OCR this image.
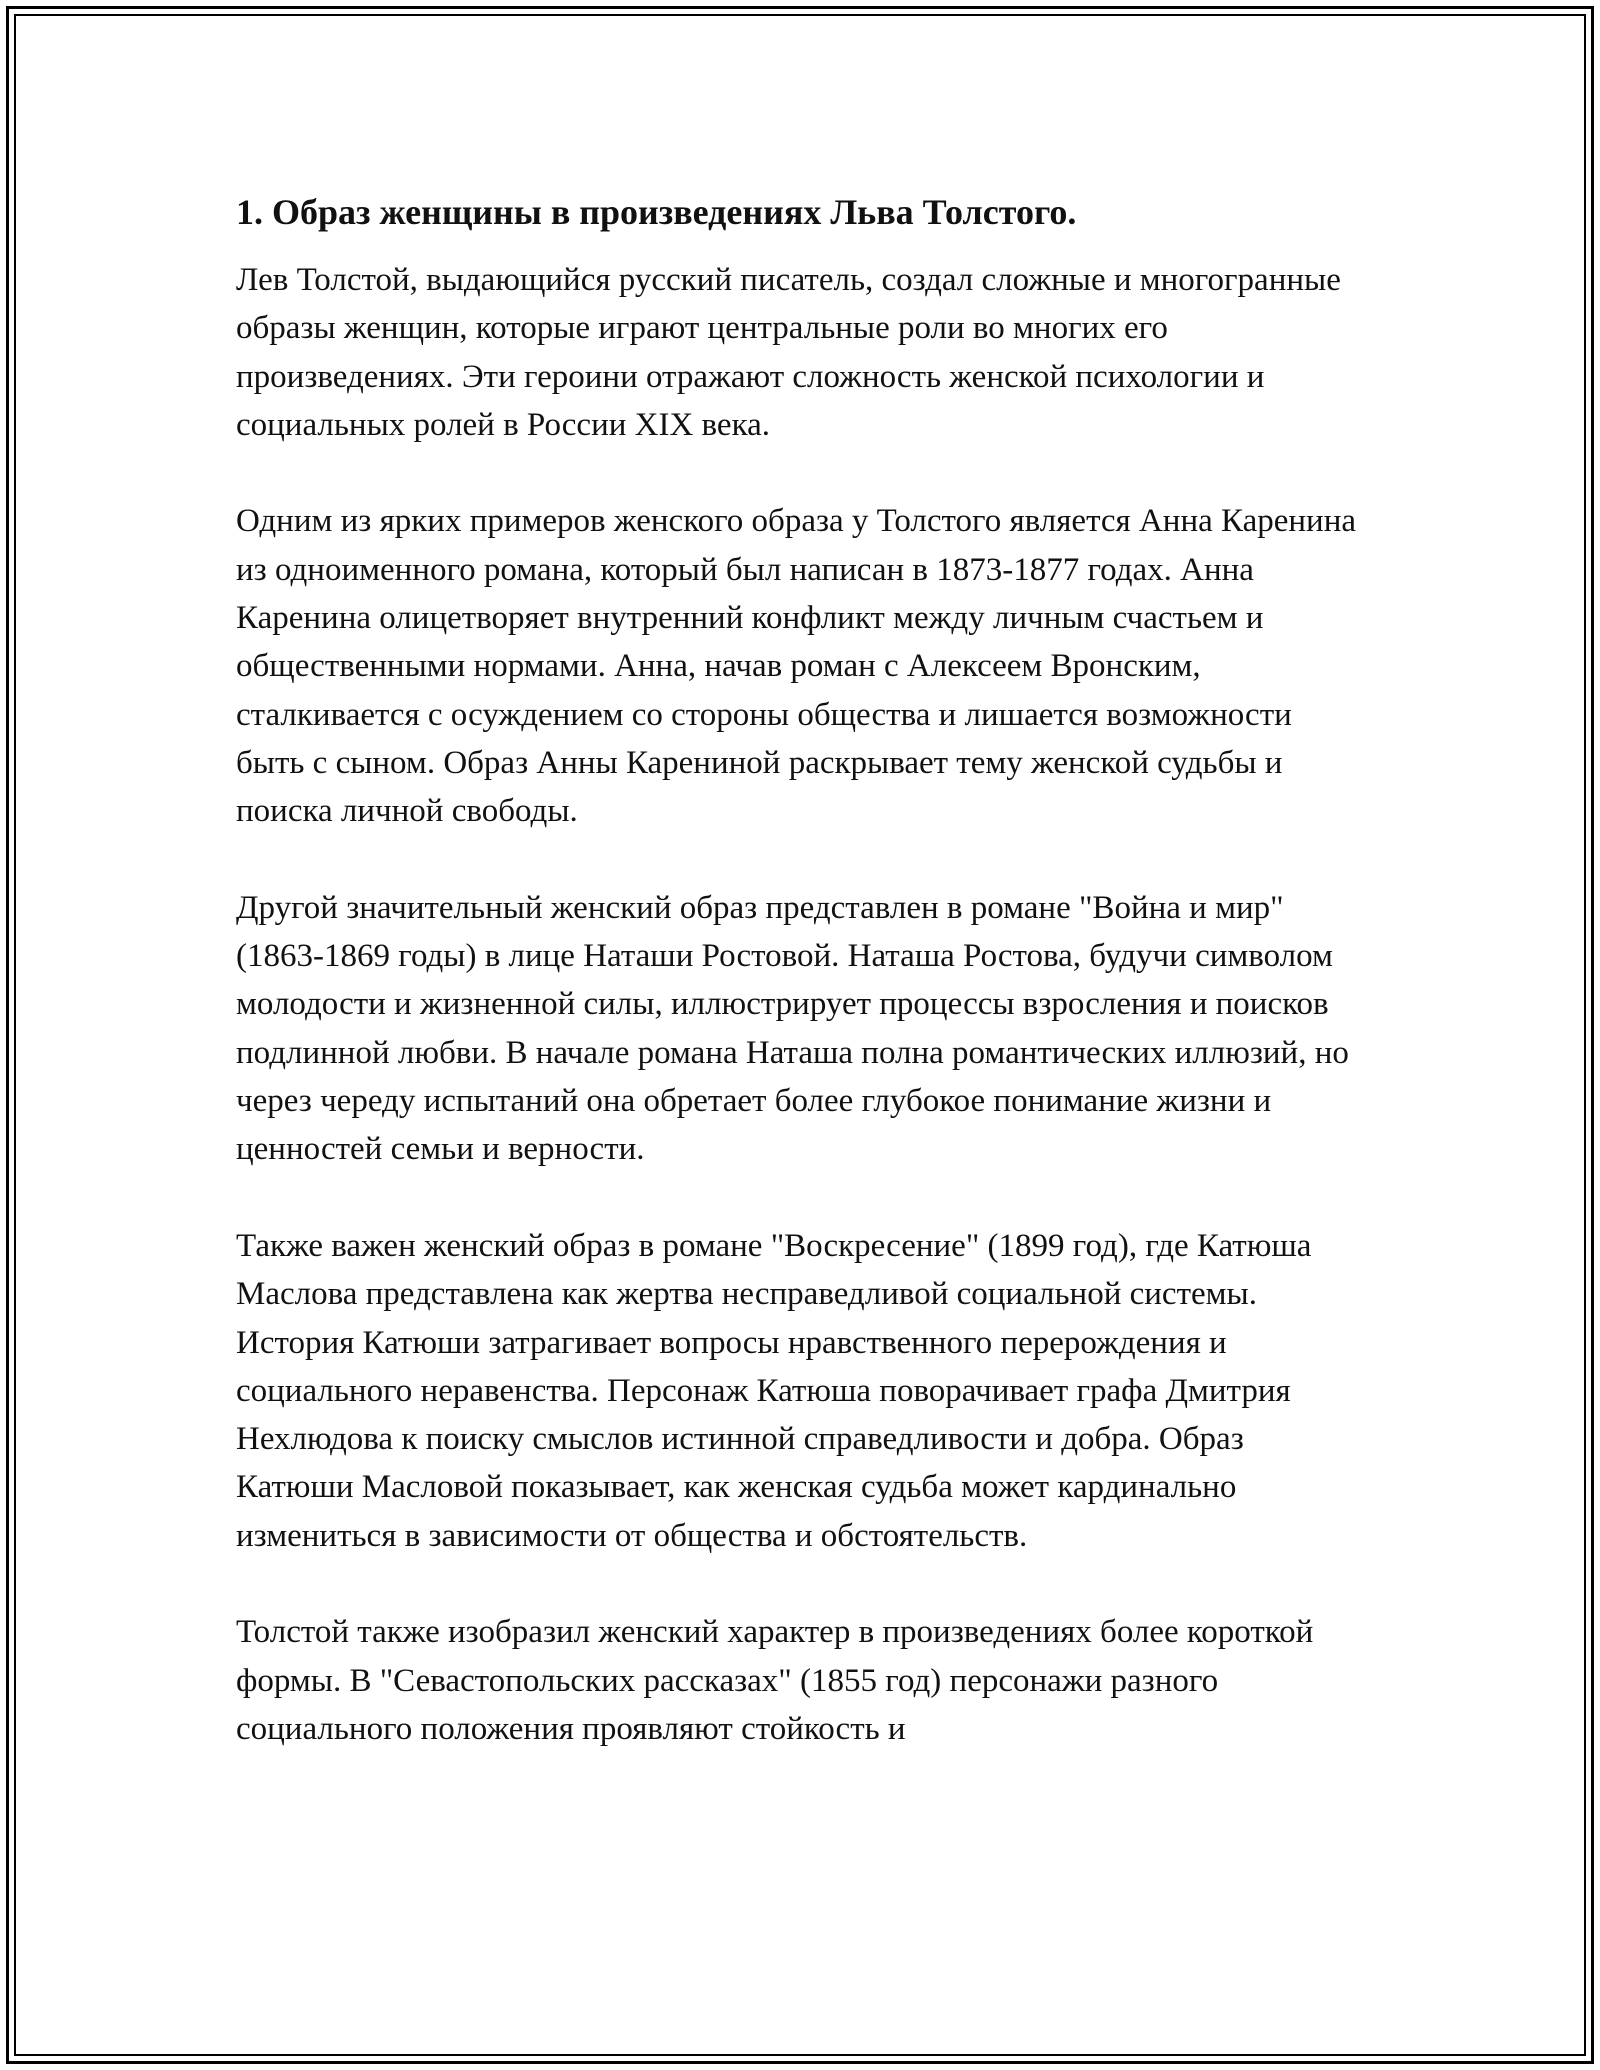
1. Образ женщины в произведениях Льва Толстого.

Лев Толстой, выдающийся русский писатель, создал сложные и многогранные образы женщин, которые играют центральные роли во многих его произведениях. Эти героини отражают сложность женской психологии и социальных ролей в России XIX века.

Одним из ярких примеров женского образа у Толстого является Анна Каренина из одноименного романа, который был написан в 1873-1877 годах. Анна Каренина олицетворяет внутренний конфликт между личным счастьем и общественными нормами. Анна, начав роман с Алексеем Вронским, сталкивается с осуждением со стороны общества и лишается возможности быть с сыном. Образ Анны Карениной раскрывает тему женской судьбы и поиска личной свободы.

Другой значительный женский образ представлен в романе "Война и мир" (1863-1869 годы) в лице Наташи Ростовой. Наташа Ростова, будучи символом молодости и жизненной силы, иллюстрирует процессы взросления и поисков подлинной любви. В начале романа Наташа полна романтических иллюзий, но через череду испытаний она обретает более глубокое понимание жизни и ценностей семьи и верности.

Также важен женский образ в романе "Воскресение" (1899 год), где Катюша Маслова представлена как жертва несправедливой социальной системы. История Катюши затрагивает вопросы нравственного перерождения и социального неравенства. Персонаж Катюша поворачивает графа Дмитрия Нехлюдова к поиску смыслов истинной справедливости и добра. Образ Катюши Масловой показывает, как женская судьба может кардинально измениться в зависимости от общества и обстоятельств.

Толстой также изобразил женский характер в произведениях более короткой формы. В "Севастопольских рассказах" (1855 год) персонажи разного социального положения проявляют стойкость и
